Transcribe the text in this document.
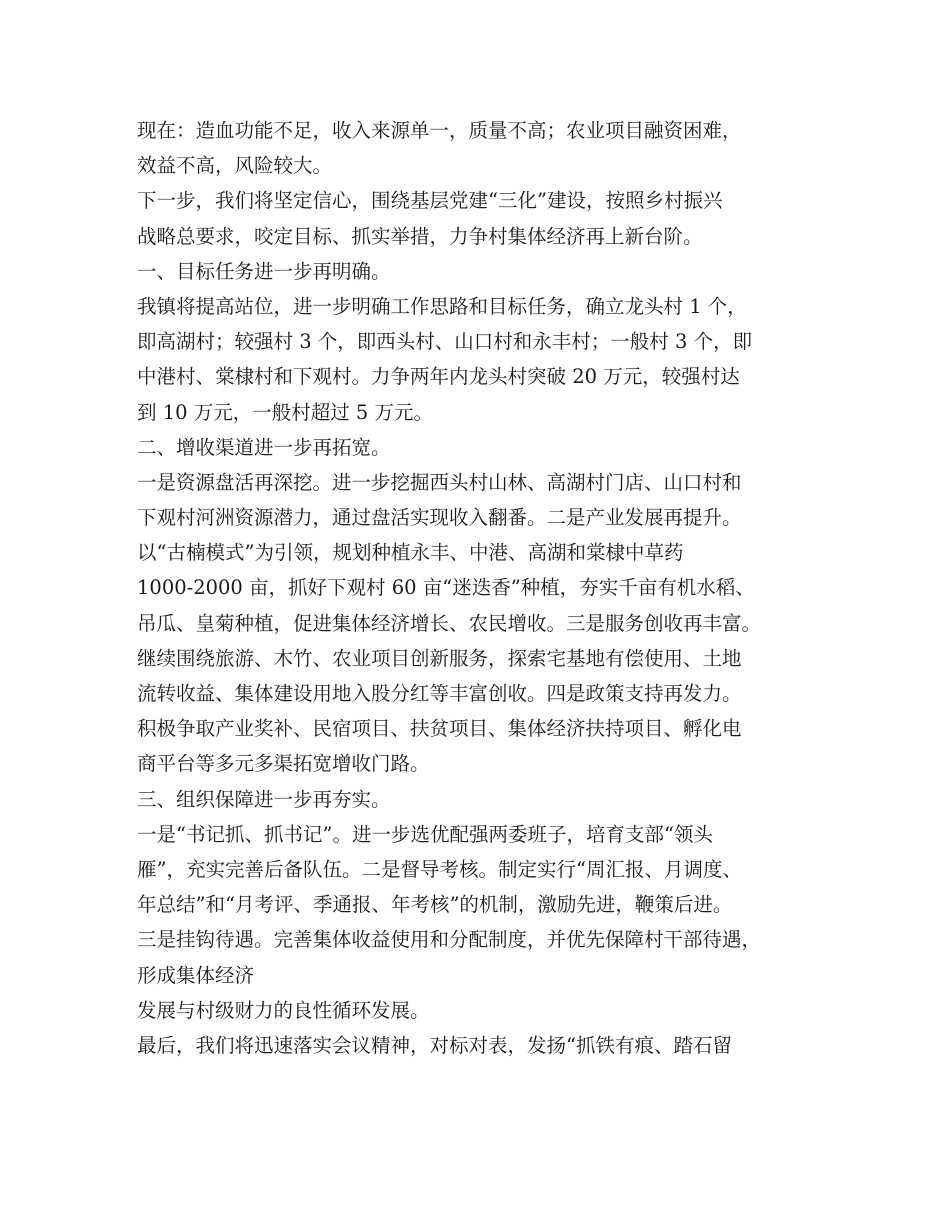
现在：造血功能不足，收入来源单一，质量不高；农业项目融资困难，
效益不高，风险较大。
下一步，我们将坚定信心，围绕基层党建“三化”建设，按照乡村振兴
战略总要求，咬定目标、抓实举措，力争村集体经济再上新台阶。
一、目标任务进一步再明确。
我镇将提高站位，进一步明确工作思路和目标任务，确立龙头村 1 个，
即高湖村；较强村 3 个，即西头村、山口村和永丰村；一般村 3 个，即
中港村、棠棣村和下观村。力争两年内龙头村突破 20 万元，较强村达
到 10 万元，一般村超过 5 万元。
二、增收渠道进一步再拓宽。
一是资源盘活再深挖。进一步挖掘西头村山林、高湖村门店、山口村和
下观村河洲资源潜力，通过盘活实现收入翻番。二是产业发展再提升。
以“古楠模式”为引领，规划种植永丰、中港、高湖和棠棣中草药
1000-2000 亩，抓好下观村 60 亩“迷迭香”种植，夯实千亩有机水稻、
吊瓜、皇菊种植，促进集体经济增长、农民增收。三是服务创收再丰富。
继续围绕旅游、木竹、农业项目创新服务，探索宅基地有偿使用、土地
流转收益、集体建设用地入股分红等丰富创收。四是政策支持再发力。
积极争取产业奖补、民宿项目、扶贫项目、集体经济扶持项目、孵化电
商平台等多元多渠拓宽增收门路。
三、组织保障进一步再夯实。
一是“书记抓、抓书记”。进一步选优配强两委班子，培育支部“领头
雁”，充实完善后备队伍。二是督导考核。制定实行“周汇报、月调度、
年总结”和“月考评、季通报、年考核”的机制，激励先进，鞭策后进。
三是挂钩待遇。完善集体收益使用和分配制度，并优先保障村干部待遇，
形成集体经济
发展与村级财力的良性循环发展。
最后，我们将迅速落实会议精神，对标对表，发扬“抓铁有痕、踏石留
